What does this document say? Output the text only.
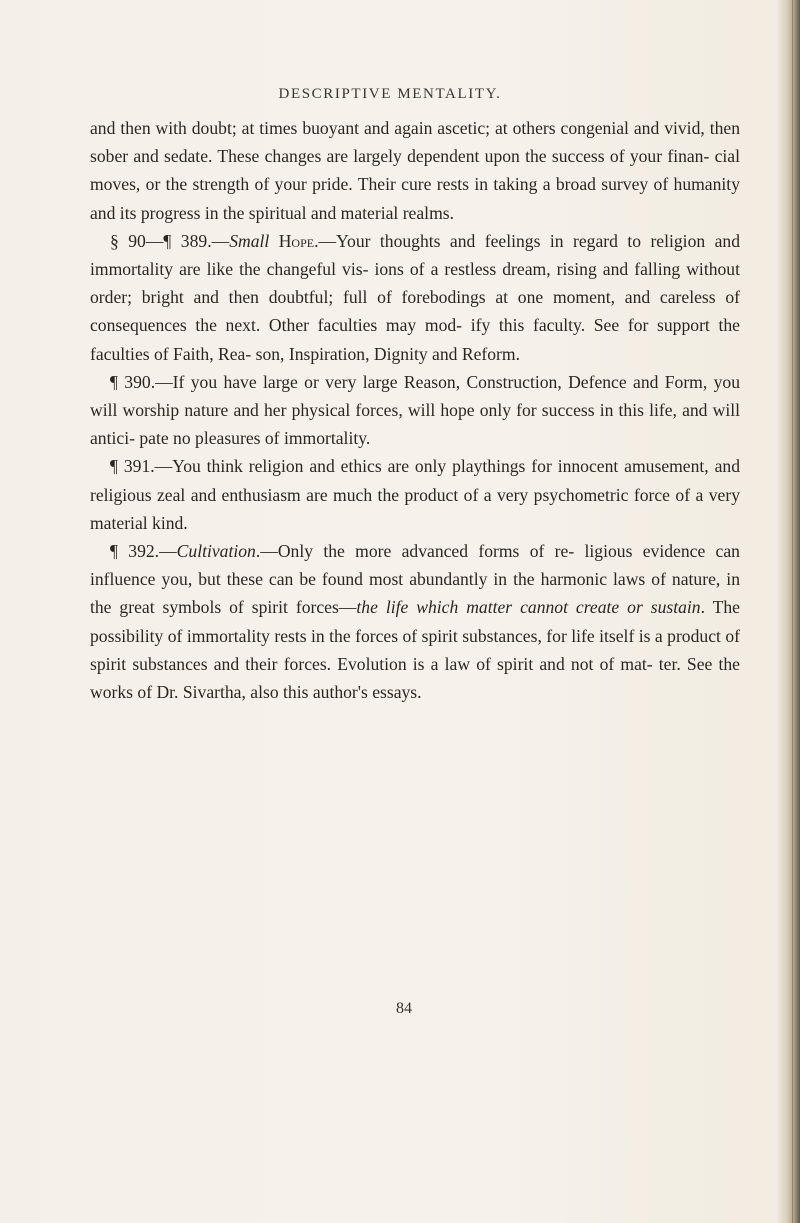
DESCRIPTIVE MENTALITY.

and then with doubt; at times buoyant and again ascetic; at others congenial and vivid, then sober and sedate. These changes are largely dependent upon the success of your finan- cial moves, or the strength of your pride. Their cure rests in taking a broad survey of humanity and its progress in the spiritual and material realms.

§ 90—¶ 389.—Small Hope.—Your thoughts and feelings in regard to religion and immortality are like the changeful vis- ions of a restless dream, rising and falling without order; bright and then doubtful; full of forebodings at one moment, and careless of consequences the next. Other faculties may mod- ify this faculty. See for support the faculties of Faith, Rea- son, Inspiration, Dignity and Reform.

¶ 390.—If you have large or very large Reason, Construction, Defence and Form, you will worship nature and her physical forces, will hope only for success in this life, and will antici- pate no pleasures of immortality.

¶ 391.—You think religion and ethics are only playthings for innocent amusement, and religious zeal and enthusiasm are much the product of a very psychometric force of a very material kind.

¶ 392.—Cultivation.—Only the more advanced forms of re- ligious evidence can influence you, but these can be found most abundantly in the harmonic laws of nature, in the great symbols of spirit forces—the life which matter cannot create or sustain. The possibility of immortality rests in the forces of spirit substances, for life itself is a product of spirit substances and their forces. Evolution is a law of spirit and not of mat- ter. See the works of Dr. Sivartha, also this author's essays.

84
